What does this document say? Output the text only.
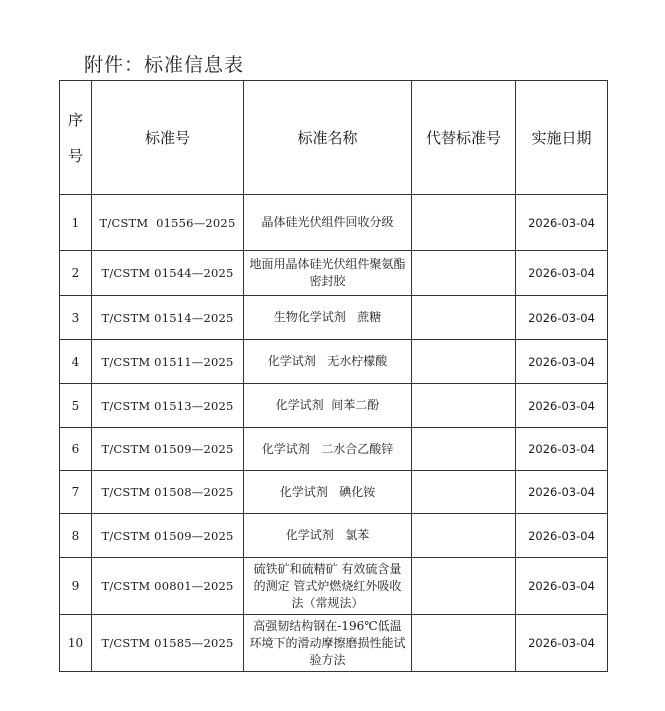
附件：标准信息表
序号	标准号	标准名称	代替标准号	实施日期
1	T/CSTM  01556—2025	晶体硅光伏组件回收分级		2026-03-04
2	T/CSTM 01544—2025	地面用晶体硅光伏组件聚氨酯密封胶		2026-03-04
3	T/CSTM 01514—2025	生物化学试剂   蔗糖		2026-03-04
4	T/CSTM 01511—2025	化学试剂   无水柠檬酸		2026-03-04
5	T/CSTM 01513—2025	化学试剂  间苯二酚		2026-03-04
6	T/CSTM 01509—2025	化学试剂   二水合乙酸锌		2026-03-04
7	T/CSTM 01508—2025	化学试剂   碘化铵		2026-03-04
8	T/CSTM 01509—2025	化学试剂   氯苯		2026-03-04
9	T/CSTM 00801—2025	硫铁矿和硫精矿 有效硫含量的测定 管式炉燃烧红外吸收法（常规法）		2026-03-04
10	T/CSTM 01585—2025	高强韧结构钢在-196℃低温环境下的滑动摩擦磨损性能试验方法		2026-03-04
